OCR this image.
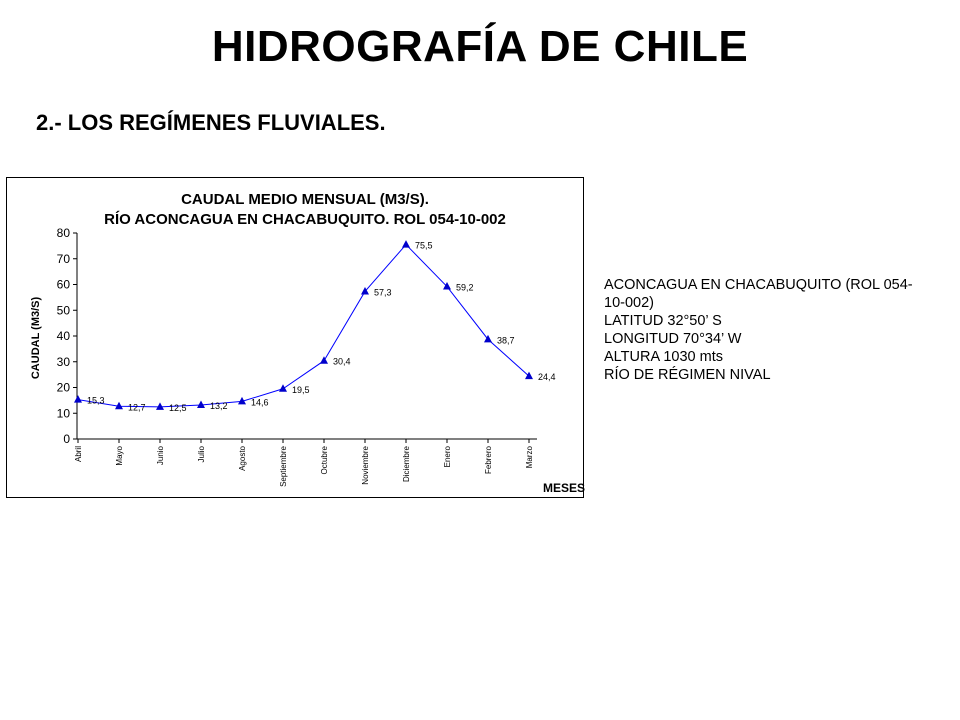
HIDROGRAFÍA DE CHILE
2.- LOS REGÍMENES FLUVIALES.
CAUDAL MEDIO MENSUAL (M3/S).
RÍO ACONCAGUA EN CHACABUQUITO. ROL 054-10-002
CAUDAL (M3/S)
MESES
0
10
20
30
40
50
60
70
80
Abril	Mayo	Junio	Julio	Agosto	Septiembre	Octubre	Noviembre	Diciembre	Enero	Febrero	Marzo
15,3
12,7	12,5	13,2	14,6
19,5
30,4
57,3
75,5
59,2
38,7
24,4
ACONCAGUA EN CHACABUQUITO (ROL 054-10-002)
LATITUD 32°50’ S
LONGITUD 70°34’ W
ALTURA 1030 mts
RÍO DE RÉGIMEN NIVAL
